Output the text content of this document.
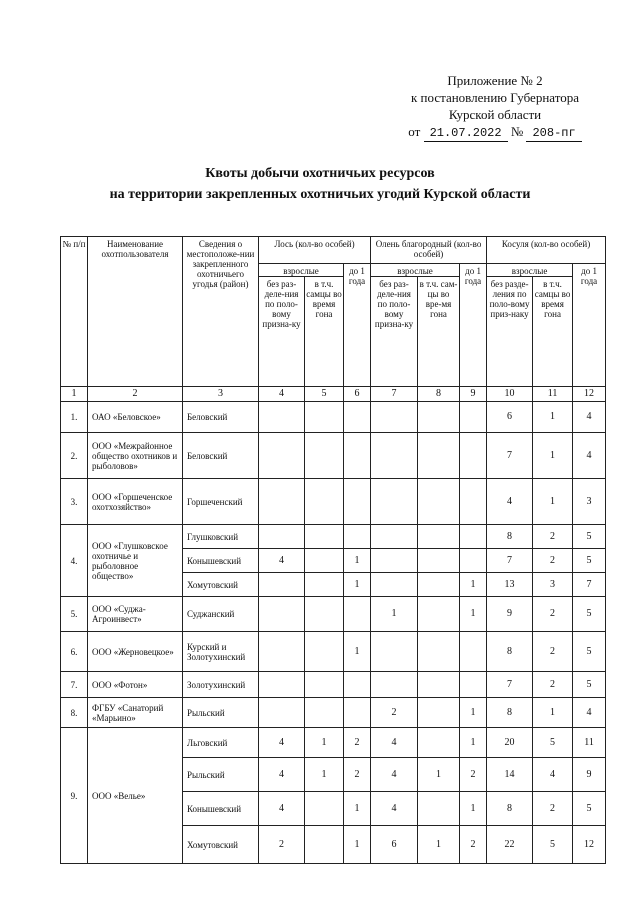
Приложение № 2
к постановлению Губернатора
Курской области
от 21.07.2022 № 208-пг
Квоты добычи охотничьих ресурсов
на территории закрепленных охотничьих угодий Курской области
№ п/п	Наименование охотпользователя	Сведения о местоположе-нии закрепленного охотничьего угодья (район)	Лось (кол-во особей)			Олень благородный (кол-во особей)			Косуля (кол-во особей)		
			взрослые		до 1 года	взрослые		до 1 года	взрослые		до 1 года
			без раз-деле-ния по поло-вому призна-ку	в т.ч. самцы во время гона		без раз-деле-ния по поло-вому призна-ку	в т.ч. сам-цы во вре-мя гона		без разде-ления по поло-вому приз-наку	в т.ч. самцы во время гона	
1	2	3	4	5	6	7	8	9	10	11	12
1.	ОАО «Беловское»	Беловский							6	1	4
2.	ООО «Межрайонное общество охотников и рыболовов»	Беловский							7	1	4
3.	ООО «Горшеченское охотхозяйство»	Горшеченский							4	1	3
4.	ООО «Глушковское охотничье и рыболовное общество»	Глушковский							8	2	5
		Конышевский	4		1				7	2	5
		Хомутовский			1			1	13	3	7
5.	ООО «Суджа-Агроинвест»	Суджанский				1		1	9	2	5
6.	ООО «Жерновецкое»	Курский и Золотухинский			1				8	2	5
7.	ООО «Фотон»	Золотухинский							7	2	5
8.	ФГБУ «Санаторий «Марьино»	Рыльский				2		1	8	1	4
9.	ООО «Велье»	Льговский	4	1	2	4		1	20	5	11
		Рыльский	4	1	2	4	1	2	14	4	9
		Конышевский	4		1	4		1	8	2	5
		Хомутовский	2		1	6	1	2	22	5	12
